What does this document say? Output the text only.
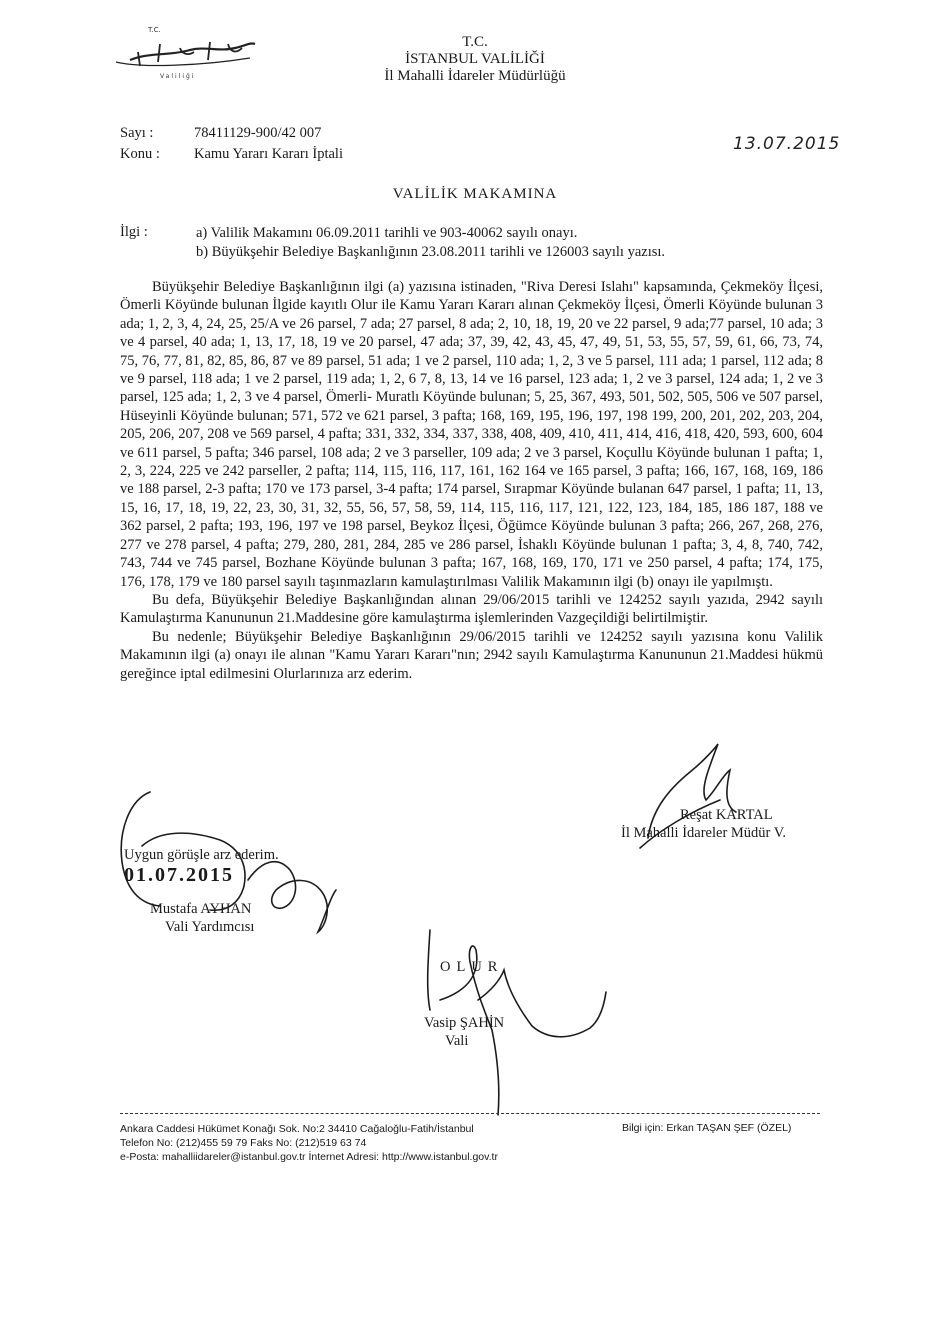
T.C.
Valiliği
T.C.
İSTANBUL VALİLİĞİ
İl Mahalli İdareler Müdürlüğü
Sayı :	78411129-900/42 007
Konu :	Kamu Yararı Kararı İptali	13.07.2015
VALİLİK MAKAMINA
İlgi :	a) Valilik Makamını 06.09.2011 tarihli ve 903-40062 sayılı onayı.
b) Büyükşehir Belediye Başkanlığının 23.08.2011 tarihli ve 126003 sayılı yazısı.

Büyükşehir Belediye Başkanlığının ilgi (a) yazısına istinaden, "Riva Deresi Islahı" kapsamında, Çekmeköy İlçesi, Ömerli Köyünde bulunan İlgide kayıtlı Olur ile Kamu Yararı Kararı alınan Çekmeköy İlçesi, Ömerli Köyünde bulunan 3 ada; 1, 2, 3, 4, 24, 25, 25/A ve 26 parsel, 7 ada; 27 parsel, 8 ada; 2, 10, 18, 19, 20 ve 22 parsel, 9 ada;77 parsel, 10 ada; 3 ve 4 parsel, 40 ada; 1, 13, 17, 18, 19 ve 20 parsel, 47 ada; 37, 39, 42, 43, 45, 47, 49, 51, 53, 55, 57, 59, 61, 66, 73, 74, 75, 76, 77, 81, 82, 85, 86, 87 ve 89 parsel, 51 ada; 1 ve 2 parsel, 110 ada; 1, 2, 3 ve 5 parsel, 111 ada; 1 parsel, 112 ada; 8 ve 9 parsel, 118 ada; 1 ve 2 parsel, 119 ada; 1, 2, 6 7, 8, 13, 14 ve 16 parsel, 123 ada; 1, 2 ve 3 parsel, 124 ada; 1, 2 ve 3 parsel, 125 ada; 1, 2, 3 ve 4 parsel, Ömerli- Muratlı Köyünde bulunan; 5, 25, 367, 493, 501, 502, 505, 506 ve 507 parsel, Hüseyinli Köyünde bulunan; 571, 572 ve 621 parsel, 3 pafta; 168, 169, 195, 196, 197, 198 199, 200, 201, 202, 203, 204, 205, 206, 207, 208 ve 569 parsel, 4 pafta; 331, 332, 334, 337, 338, 408, 409, 410, 411, 414, 416, 418, 420, 593, 600, 604 ve 611 parsel, 5 pafta; 346 parsel, 108 ada; 2 ve 3 parseller, 109 ada; 2 ve 3 parsel, Koçullu Köyünde bulunan 1 pafta; 1, 2, 3, 224, 225 ve 242 parseller, 2 pafta; 114, 115, 116, 117, 161, 162 164 ve 165 parsel, 3 pafta; 166, 167, 168, 169, 186 ve 188 parsel, 2-3 pafta; 170 ve 173 parsel, 3-4 pafta; 174 parsel, Sırapmar Köyünde bulanan 647 parsel, 1 pafta; 11, 13, 15, 16, 17, 18, 19, 22, 23, 30, 31, 32, 55, 56, 57, 58, 59, 114, 115, 116, 117, 121, 122, 123, 184, 185, 186 187, 188 ve 362 parsel, 2 pafta; 193, 196, 197 ve 198 parsel, Beykoz İlçesi, Öğümce Köyünde bulunan 3 pafta; 266, 267, 268, 276, 277 ve 278 parsel, 4 pafta; 279, 280, 281, 284, 285 ve 286 parsel, İshaklı Köyünde bulunan 1 pafta; 3, 4, 8, 740, 742, 743, 744 ve 745 parsel, Bozhane Köyünde bulunan 3 pafta; 167, 168, 169, 170, 171 ve 250 parsel, 4 pafta; 174, 175, 176, 178, 179 ve 180 parsel sayılı taşınmazların kamulaştırılması Valilik Makamının ilgi (b) onayı ile yapılmıştı.

Bu defa, Büyükşehir Belediye Başkanlığından alınan 29/06/2015 tarihli ve 124252 sayılı yazıda, 2942 sayılı Kamulaştırma Kanununun 21.Maddesine göre kamulaştırma işlemlerinden Vazgeçildiği belirtilmiştir.

Bu nedenle; Büyükşehir Belediye Başkanlığının 29/06/2015 tarihli ve 124252 sayılı yazısına konu Valilik Makamının ilgi (a) onayı ile alınan "Kamu Yararı Kararı"nın; 2942 sayılı Kamulaştırma Kanununun 21.Maddesi hükmü gereğince iptal edilmesini Olurlarınıza arz ederim.

Reşat KARTAL
İl Mahalli İdareler Müdür V.
Uygun görüşle arz ederim.
01.07.2015
Mustafa AYHAN
Vali Yardımcısı
OLUR
Vasip ŞAHİN
Vali
Ankara Caddesi Hükümet Konağı Sok. No:2 34410 Cağaloğlu-Fatih/İstanbul
Telefon No: (212)455 59 79 Faks No: (212)519 63 74
e-Posta: mahalliidareler@istanbul.gov.tr İnternet Adresi: http://www.istanbul.gov.tr
Bilgi için: Erkan TAŞAN ŞEF (ÖZEL)
